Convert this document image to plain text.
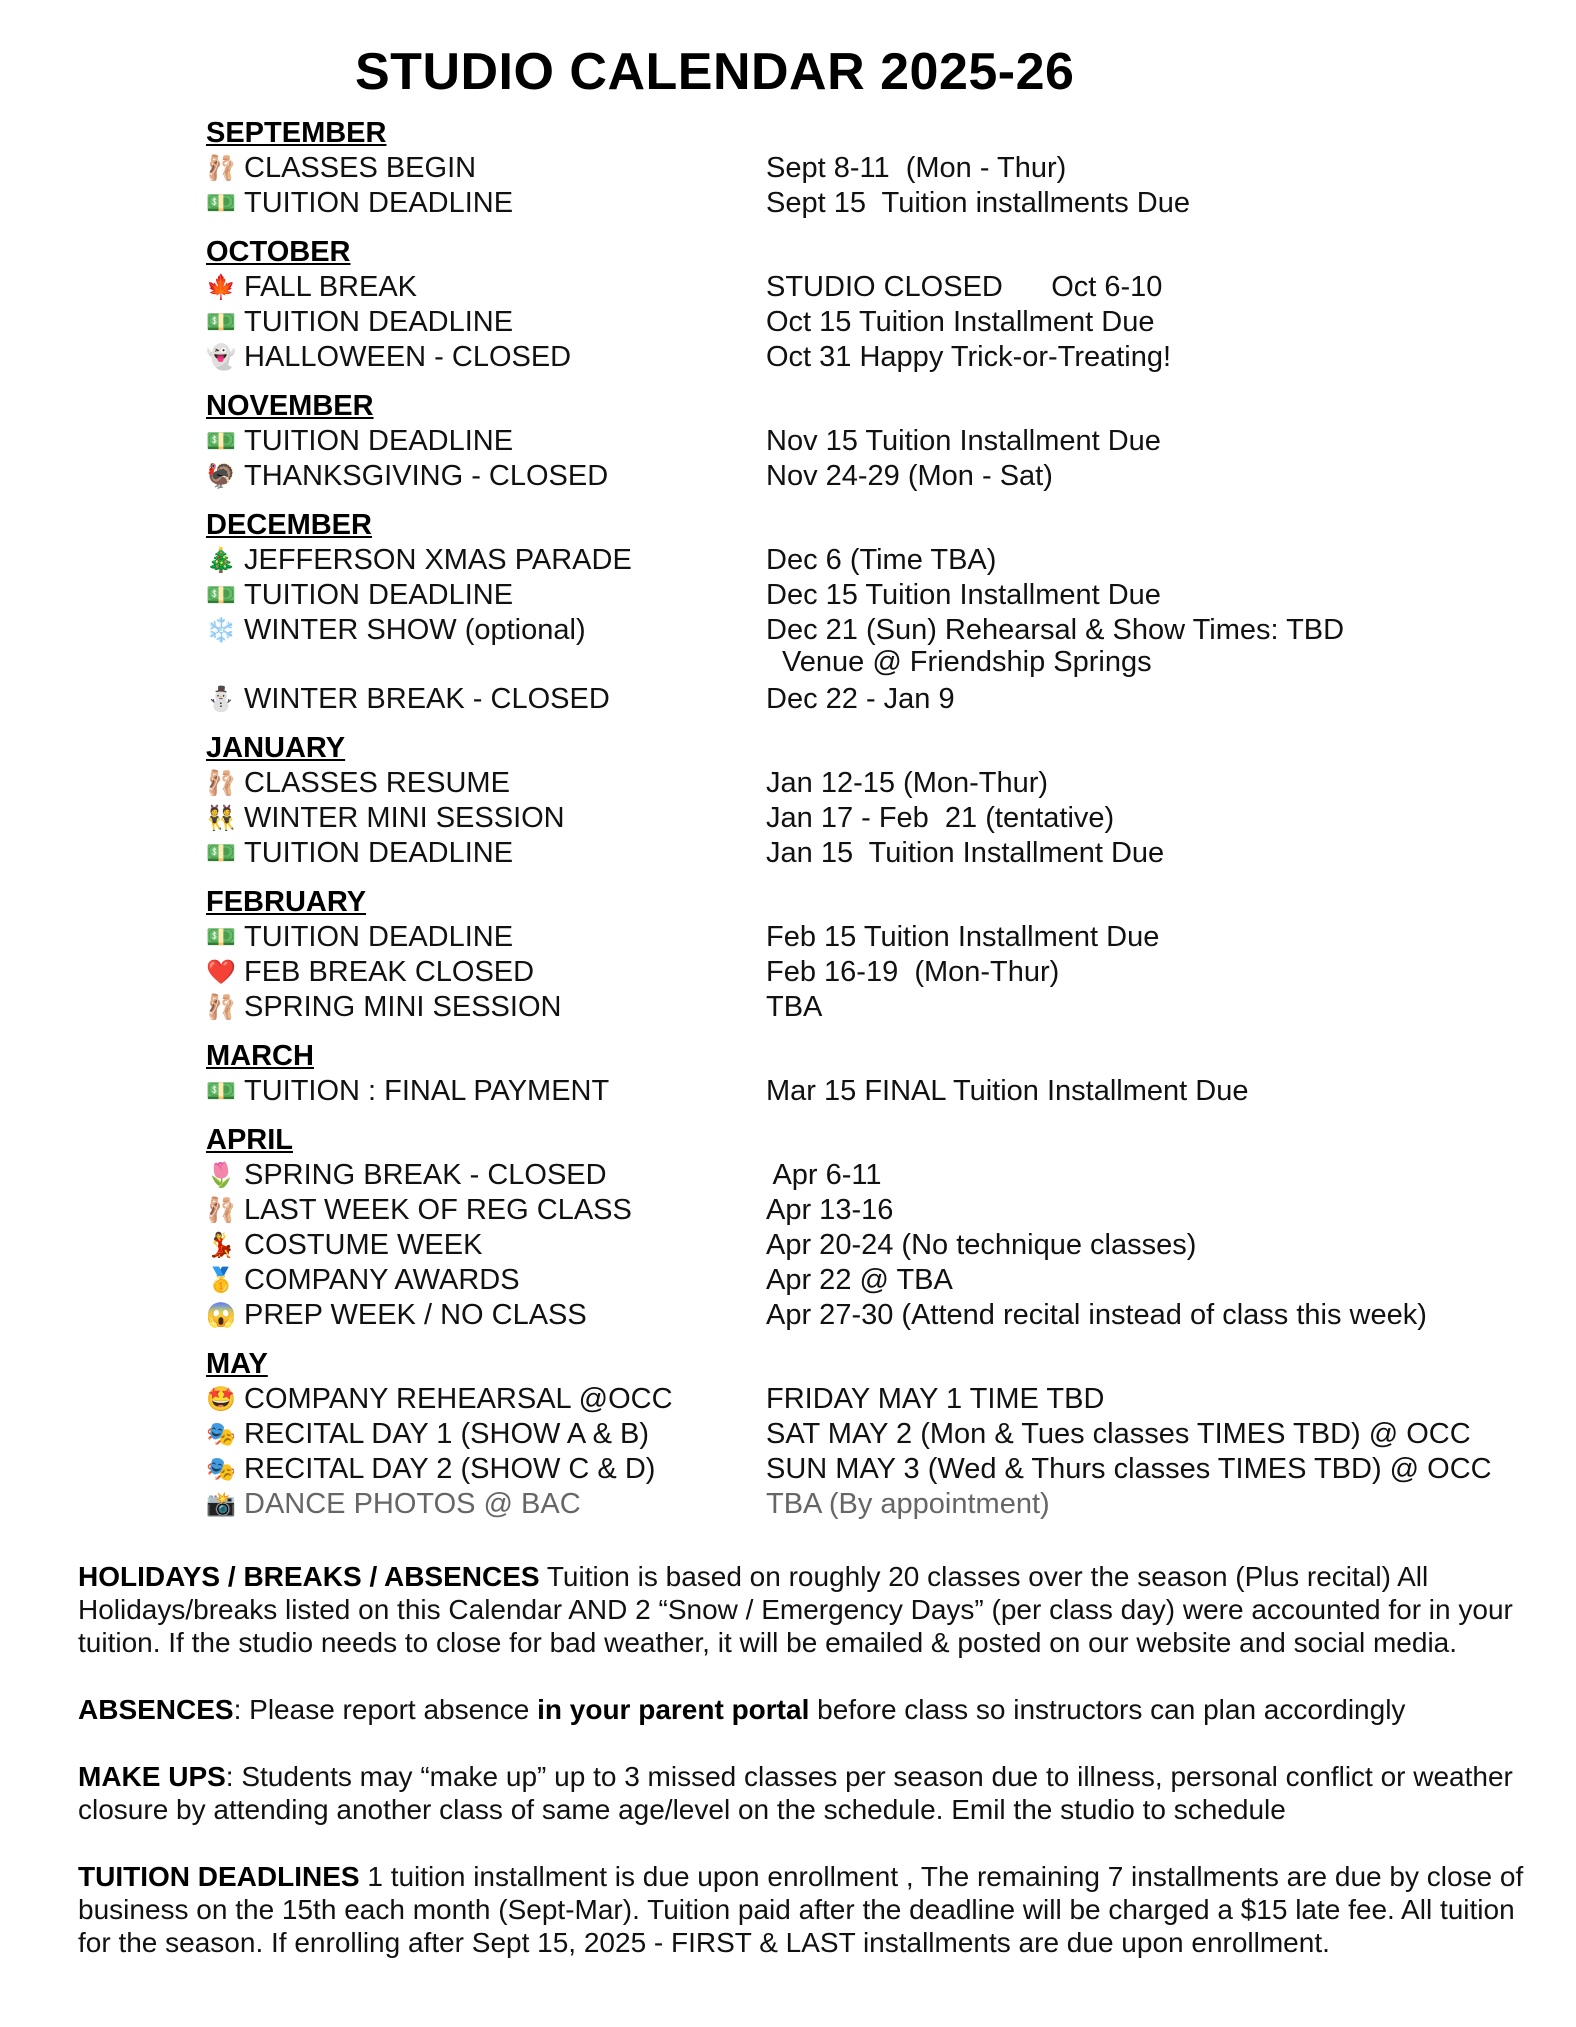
STUDIO CALENDAR 2025-26
SEPTEMBER
🩰 CLASSES BEGIN	Sept 8-11  (Mon - Thur)
💵 TUITION DEADLINE	Sept 15  Tuition installments Due
OCTOBER
🍁 FALL BREAK	STUDIO CLOSED      Oct 6-10
💵 TUITION DEADLINE	Oct 15 Tuition Installment Due
👻 HALLOWEEN - CLOSED	Oct 31 Happy Trick-or-Treating!
NOVEMBER
💵 TUITION DEADLINE	Nov 15 Tuition Installment Due
🦃 THANKSGIVING - CLOSED	Nov 24-29 (Mon - Sat)
DECEMBER
🎄 JEFFERSON XMAS PARADE	Dec 6 (Time TBA)
💵 TUITION DEADLINE	Dec 15 Tuition Installment Due
❄️ WINTER SHOW (optional)	Dec 21 (Sun) Rehearsal & Show Times: TBD
Venue @ Friendship Springs
⛄ WINTER BREAK - CLOSED	Dec 22 - Jan 9
JANUARY
🩰 CLASSES RESUME	Jan 12-15 (Mon-Thur)
👯 WINTER MINI SESSION	Jan 17 - Feb  21 (tentative)
💵 TUITION DEADLINE	Jan 15  Tuition Installment Due
FEBRUARY
💵 TUITION DEADLINE	Feb 15 Tuition Installment Due
❤️ FEB BREAK CLOSED	Feb 16-19  (Mon-Thur)
🩰 SPRING MINI SESSION	TBA
MARCH
💵 TUITION : FINAL PAYMENT	Mar 15 FINAL Tuition Installment Due
APRIL
🌷 SPRING BREAK - CLOSED	Apr 6-11
🩰 LAST WEEK OF REG CLASS	Apr 13-16
💃 COSTUME WEEK	Apr 20-24 (No technique classes)
🥇 COMPANY AWARDS	Apr 22 @ TBA
😱 PREP WEEK / NO CLASS	Apr 27-30 (Attend recital instead of class this week)
MAY
🤩 COMPANY REHEARSAL @OCC	FRIDAY MAY 1 TIME TBD
🎭 RECITAL DAY 1 (SHOW A & B)	SAT MAY 2 (Mon & Tues classes TIMES TBD) @ OCC
🎭 RECITAL DAY 2 (SHOW C & D)	SUN MAY 3 (Wed & Thurs classes TIMES TBD) @ OCC
📸 DANCE PHOTOS @ BAC	TBA (By appointment)

HOLIDAYS / BREAKS / ABSENCES Tuition is based on roughly 20 classes over the season (Plus recital) All Holidays/breaks listed on this Calendar AND 2 “Snow / Emergency Days” (per class day) were accounted for in your tuition. If the studio needs to close for bad weather, it will be emailed & posted on our website and social media.

ABSENCES: Please report absence in your parent portal before class so instructors can plan accordingly

MAKE UPS: Students may “make up” up to 3 missed classes per season due to illness, personal conflict or weather closure by attending another class of same age/level on the schedule. Emil the studio to schedule

TUITION DEADLINES 1 tuition installment is due upon enrollment , The remaining 7 installments are due by close of business on the 15th each month (Sept-Mar). Tuition paid after the deadline will be charged a $15 late fee. All tuition for the season. If enrolling after Sept 15, 2025 - FIRST & LAST installments are due upon enrollment.
